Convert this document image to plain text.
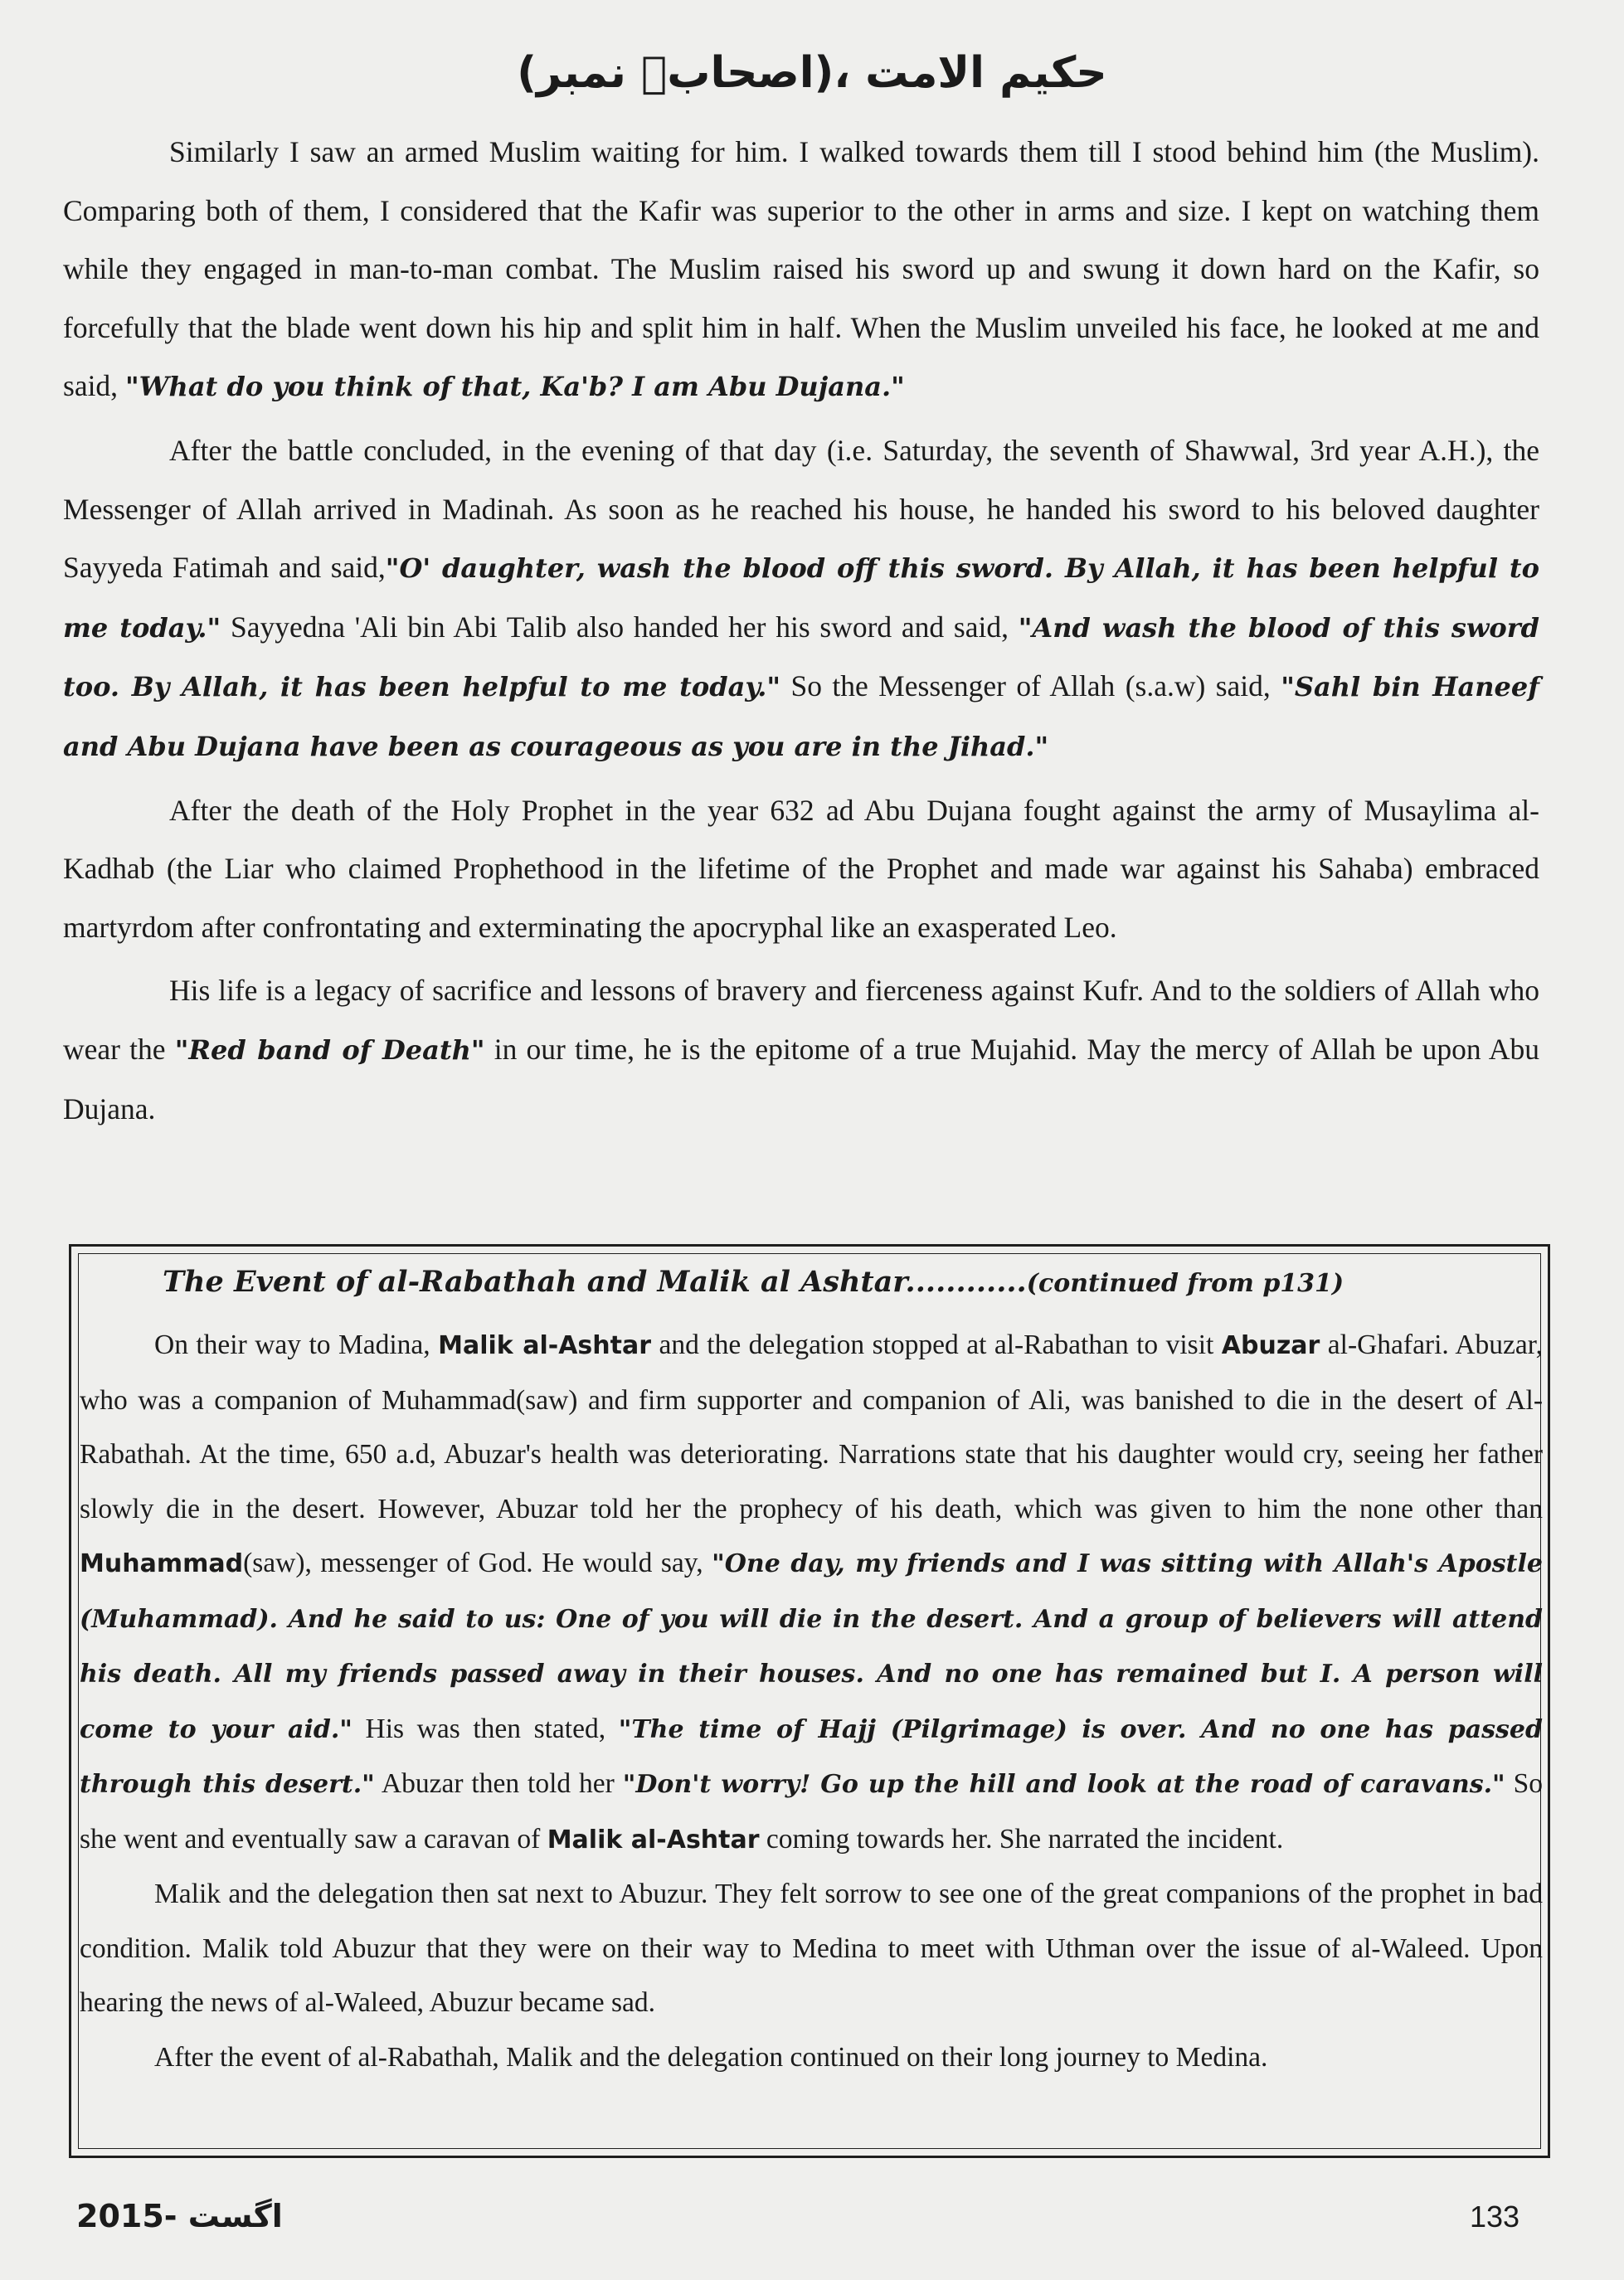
حکیم الامت ،(اصحابؓ نمبر)

Similarly I saw an armed Muslim waiting for him. I walked towards them till I stood behind him (the Muslim). Comparing both of them, I considered that the Kafir was superior to the other in arms and size. I kept on watching them while they engaged in man-to-man combat. The Muslim raised his sword up and swung it down hard on the Kafir, so forcefully that the blade went down his hip and split him in half. When the Muslim unveiled his face, he looked at me and said, "What do you think of that, Ka'b? I am Abu Dujana."

After the battle concluded, in the evening of that day (i.e. Saturday, the seventh of Shawwal, 3rd year A.H.), the Messenger of Allah arrived in Madinah. As soon as he reached his house, he handed his sword to his beloved daughter Sayyeda Fatimah and said,"O' daughter, wash the blood off this sword. By Allah, it has been helpful to me today." Sayyedna 'Ali bin Abi Talib also handed her his sword and said, "And wash the blood of this sword too. By Allah, it has been helpful to me today." So the Messenger of Allah (s.a.w) said, "Sahl bin Haneef and Abu Dujana have been as courageous as you are in the Jihad."

After the death of the Holy Prophet in the year 632 ad Abu Dujana fought against the army of Musaylima al-Kadhab (the Liar who claimed Prophethood in the lifetime of the Prophet and made war against his Sahaba) embraced martyrdom after confrontating and exterminating the apocryphal like an exasperated Leo.

His life is a legacy of sacrifice and lessons of bravery and fierceness against Kufr. And to the soldiers of Allah who wear the "Red band of Death" in our time, he is the epitome of a true Mujahid. May the mercy of Allah be upon Abu Dujana.

The Event of al-Rabathah and Malik al Ashtar............(continued from p131)

On their way to Madina, Malik al-Ashtar and the delegation stopped at al-Rabathan to visit Abuzar al-Ghafari. Abuzar, who was a companion of Muhammad(saw) and firm supporter and companion of Ali, was banished to die in the desert of Al-Rabathah. At the time, 650 a.d, Abuzar's health was deteriorating. Narrations state that his daughter would cry, seeing her father slowly die in the desert. However, Abuzar told her the prophecy of his death, which was given to him the none other than Muhammad(saw), messenger of God. He would say, "One day, my friends and I was sitting with Allah's Apostle (Muhammad). And he said to us: One of you will die in the desert. And a group of believers will attend his death. All my friends passed away in their houses. And no one has remained but I. A person will come to your aid." His was then stated, "The time of Hajj (Pilgrimage) is over. And no one has passed through this desert." Abuzar then told her "Don't worry! Go up the hill and look at the road of caravans." So she went and eventually saw a caravan of Malik al-Ashtar coming towards her. She narrated the incident.

Malik and the delegation then sat next to Abuzur. They felt sorrow to see one of the great companions of the prophet in bad condition. Malik told Abuzur that they were on their way to Medina to meet with Uthman over the issue of al-Waleed. Upon hearing the news of al-Waleed, Abuzur became sad.

After the event of al-Rabathah, Malik and the delegation continued on their long journey to Medina.

اگست -2015	133
